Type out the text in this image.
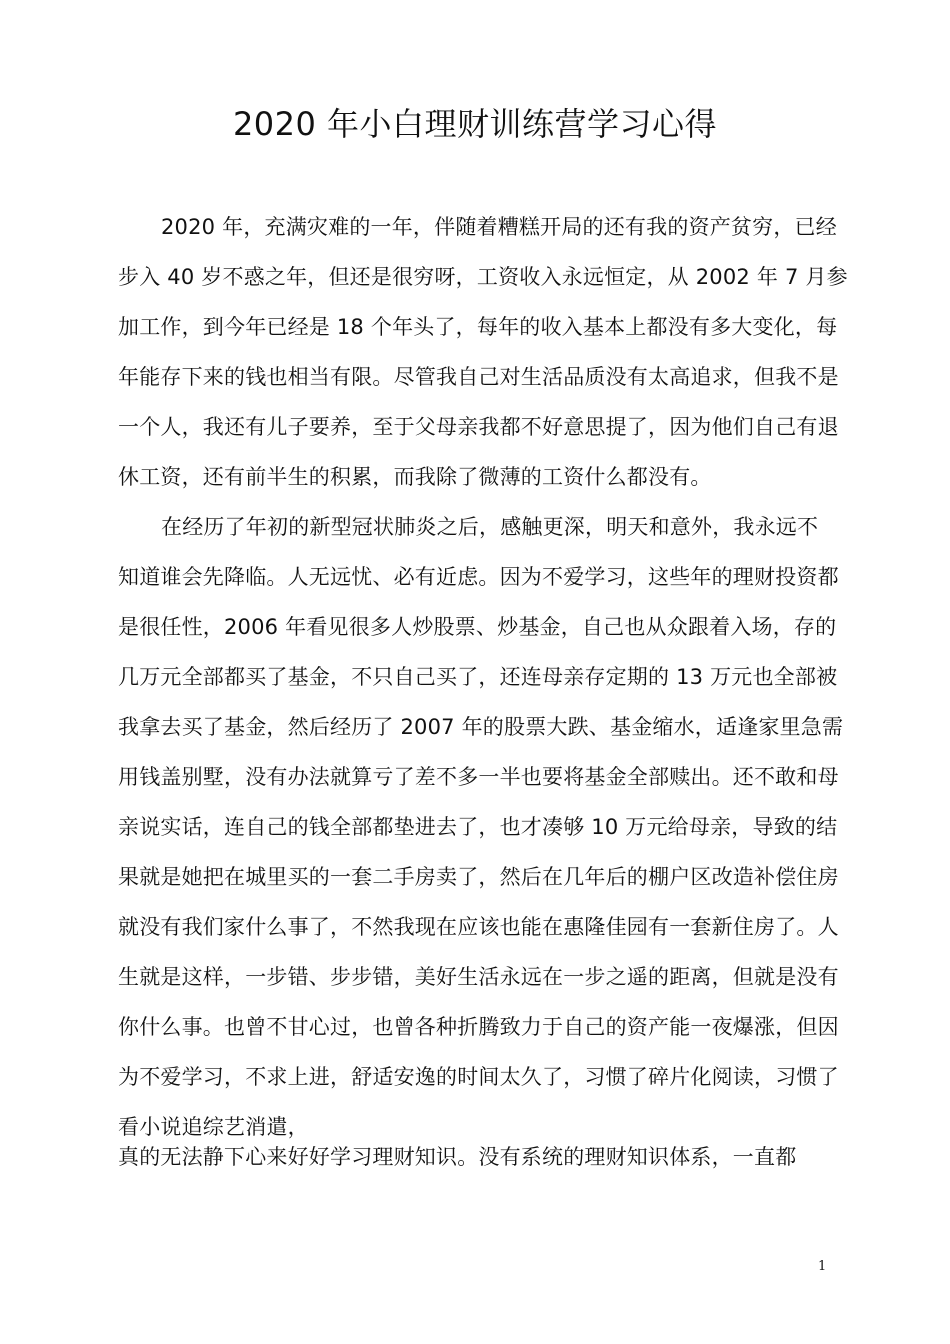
2020 年小白理财训练营学习心得
2020 年，充满灾难的一年，伴随着糟糕开局的还有我的资产贫穷，已经
步入 40 岁不惑之年，但还是很穷呀，工资收入永远恒定，从 2002 年 7 月参
加工作，到今年已经是 18 个年头了，每年的收入基本上都没有多大变化，每
年能存下来的钱也相当有限。尽管我自己对生活品质没有太高追求，但我不是
一个人，我还有儿子要养，至于父母亲我都不好意思提了，因为他们自己有退
休工资，还有前半生的积累，而我除了微薄的工资什么都没有。
在经历了年初的新型冠状肺炎之后，感触更深，明天和意外，我永远不
知道谁会先降临。人无远忧、必有近虑。因为不爱学习，这些年的理财投资都
是很任性，2006 年看见很多人炒股票、炒基金，自己也从众跟着入场，存的
几万元全部都买了基金，不只自己买了，还连母亲存定期的 13 万元也全部被
我拿去买了基金，然后经历了 2007 年的股票大跌、基金缩水，适逢家里急需
用钱盖别墅，没有办法就算亏了差不多一半也要将基金全部赎出。还不敢和母
亲说实话，连自己的钱全部都垫进去了，也才凑够 10 万元给母亲，导致的结
果就是她把在城里买的一套二手房卖了，然后在几年后的棚户区改造补偿住房
就没有我们家什么事了，不然我现在应该也能在惠隆佳园有一套新住房了。人
生就是这样，一步错、步步错，美好生活永远在一步之遥的距离，但就是没有
你什么事。也曾不甘心过，也曾各种折腾致力于自己的资产能一夜爆涨，但因
为不爱学习，不求上进，舒适安逸的时间太久了，习惯了碎片化阅读，习惯了
看小说追综艺消遣，
真的无法静下心来好好学习理财知识。没有系统的理财知识体系，一直都
1
